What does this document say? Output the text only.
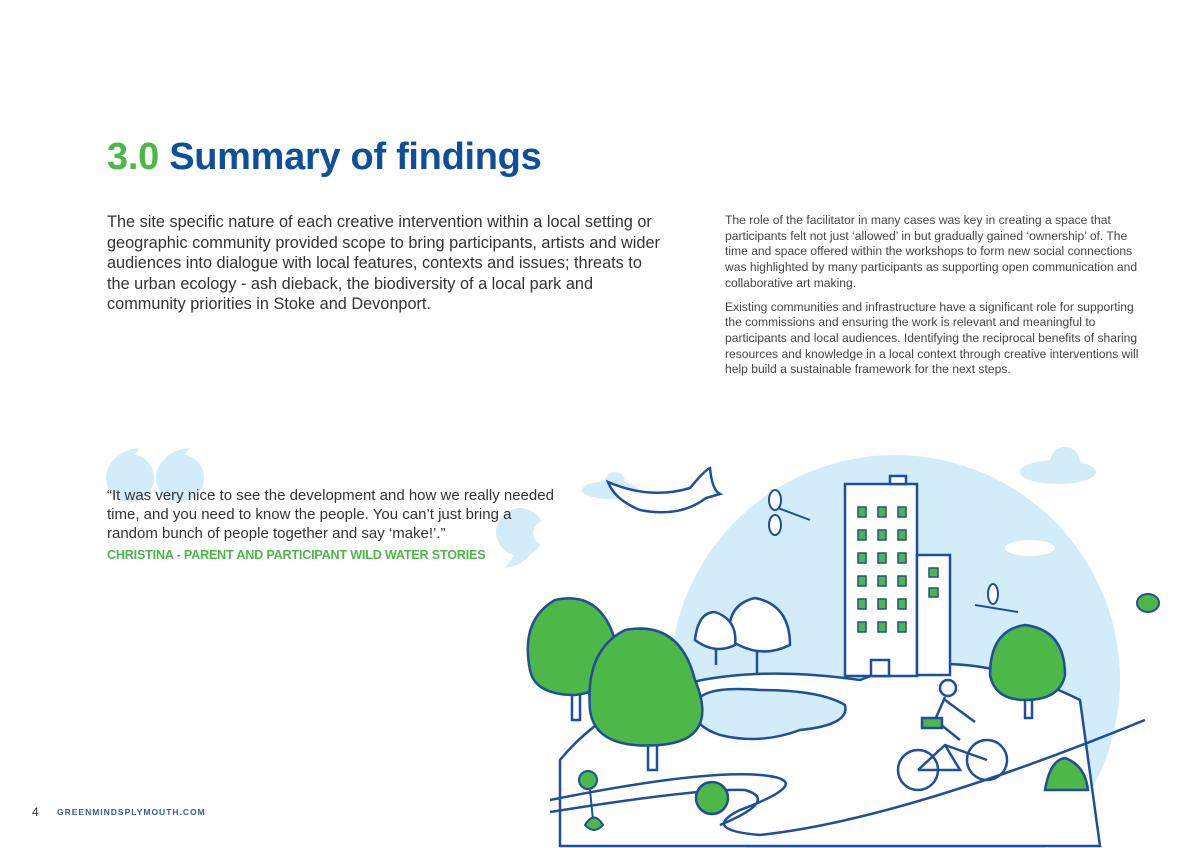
3.0 Summary of findings

The site specific nature of each creative intervention within a local setting or geographic community provided scope to bring participants, artists and wider audiences into dialogue with local features, contexts and issues; threats to the urban ecology - ash dieback, the biodiversity of a local park and community priorities in Stoke and Devonport.

The role of the facilitator in many cases was key in creating a space that participants felt not just ‘allowed’ in but gradually gained ‘ownership’ of. The time and space offered within the workshops to form new social connections was highlighted by many participants as supporting open communication and collaborative art making.

Existing communities and infrastructure have a significant role for supporting the commissions and ensuring the work is relevant and meaningful to participants and local audiences. Identifying the reciprocal benefits of sharing resources and knowledge in a local context through creative interventions will help build a sustainable framework for the next steps.

“It was very nice to see the development and how we really needed time, and you need to know the people. You can’t just bring a random bunch of people together and say ‘make!’.”

CHRISTINA - PARENT AND PARTICIPANT WILD WATER STORIES
4 GREENMINDSPLYMOUTH.COM
